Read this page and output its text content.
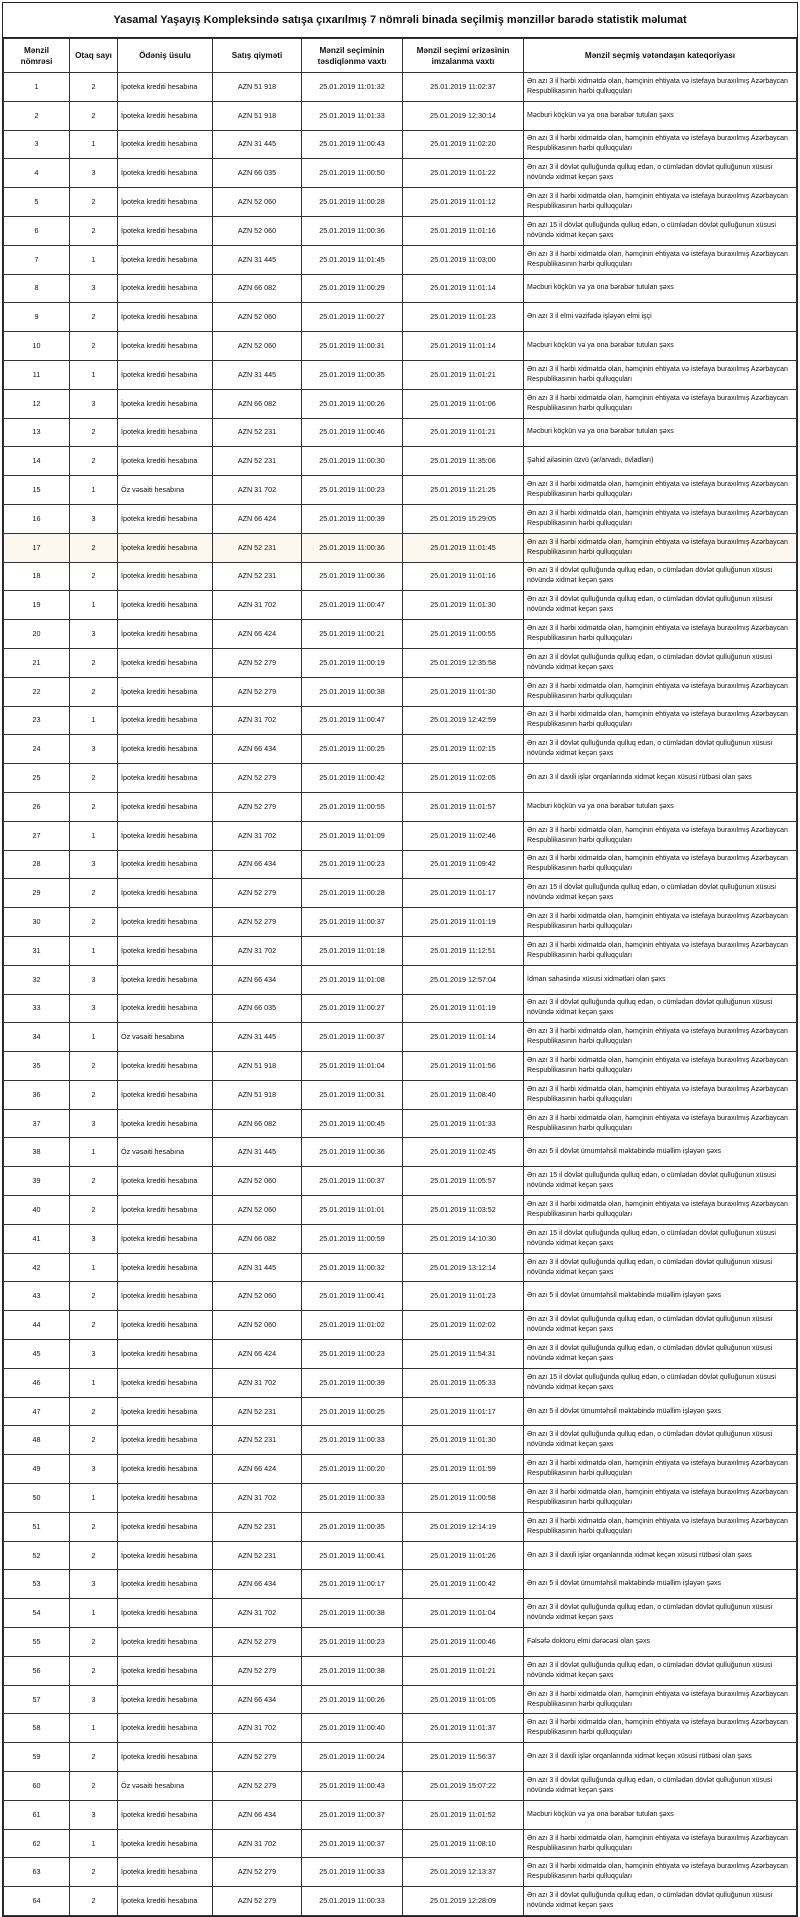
Yasamal Yaşayış Kompleksində satışa çıxarılmış 7 nömrəli binada seçilmiş mənzillər barədə statistik məlumat
Mənzil nömrəsi	Otaq sayı	Ödəniş üsulu	Satış qiyməti	Mənzil seçiminin təsdiqlənmə vaxtı	Mənzil seçimi ərizəsinin imzalanma vaxtı	Mənzil seçmiş vətəndaşın kateqoriyası
1	2	İpoteka krediti hesabına	AZN 51 918	25.01.2019 11:01:32	25.01.2019 11:02:37	Ən azı 3 il hərbi xidmətdə olan, həmçinin ehtiyata və istefaya buraxılmış Azərbaycan Respublikasının hərbi qulluqçuları
2	2	İpoteka krediti hesabına	AZN 51 918	25.01.2019 11:01:33	25.01.2019 12:30:14	Məcburi köçkün və ya ona bərabər tutulan şəxs
3	1	İpoteka krediti hesabına	AZN 31 445	25.01.2019 11:00:43	25.01.2019 11:02:20	Ən azı 3 il hərbi xidmətdə olan, həmçinin ehtiyata və istefaya buraxılmış Azərbaycan Respublikasının hərbi qulluqçuları
4	3	İpoteka krediti hesabına	AZN 66 035	25.01.2019 11:00:50	25.01.2019 11:01:22	Ən azı 3 il dövlət qulluğunda qulluq edən, o cümlədən dövlət qulluğunun xüsusi növündə xidmət keçən şəxs
5	2	İpoteka krediti hesabına	AZN 52 060	25.01.2019 11:00:28	25.01.2019 11:01:12	Ən azı 3 il hərbi xidmətdə olan, həmçinin ehtiyata və istefaya buraxılmış Azərbaycan Respublikasının hərbi qulluqçuları
6	2	İpoteka krediti hesabına	AZN 52 060	25.01.2019 11:00:36	25.01.2019 11:01:16	Ən azı 15 il dövlət qulluğunda qulluq edən, o cümlədən dövlət qulluğunun xüsusi növündə xidmət keçən şəxs
7	1	İpoteka krediti hesabına	AZN 31 445	25.01.2019 11:01:45	25.01.2019 11:03:00	Ən azı 3 il hərbi xidmətdə olan, həmçinin ehtiyata və istefaya buraxılmış Azərbaycan Respublikasının hərbi qulluqçuları
8	3	İpoteka krediti hesabına	AZN 66 082	25.01.2019 11:00:29	25.01.2019 11:01:14	Məcburi köçkün və ya ona bərabər tutulan şəxs
9	2	İpoteka krediti hesabına	AZN 52 060	25.01.2019 11:00:27	25.01.2019 11:01:23	Ən azı 3 il elmi vəzifədə işləyən elmi işçi
10	2	İpoteka krediti hesabına	AZN 52 060	25.01.2019 11:00:31	25.01.2019 11:01:14	Məcburi köçkün və ya ona bərabər tutulan şəxs
11	1	İpoteka krediti hesabına	AZN 31 445	25.01.2019 11:00:35	25.01.2019 11:01:21	Ən azı 3 il hərbi xidmətdə olan, həmçinin ehtiyata və istefaya buraxılmış Azərbaycan Respublikasının hərbi qulluqçuları
12	3	İpoteka krediti hesabına	AZN 66 082	25.01.2019 11:00:26	25.01.2019 11:01:06	Ən azı 3 il hərbi xidmətdə olan, həmçinin ehtiyata və istefaya buraxılmış Azərbaycan Respublikasının hərbi qulluqçuları
13	2	İpoteka krediti hesabına	AZN 52 231	25.01.2019 11:00:46	25.01.2019 11:01:21	Məcburi köçkün və ya ona bərabər tutulan şəxs
14	2	İpoteka krediti hesabına	AZN 52 231	25.01.2019 11:00:30	25.01.2019 11:35:06	Şəhid ailəsinin üzvü (ər/arvadı, övladları)
15	1	Öz vəsaiti hesabına	AZN 31 702	25.01.2019 11:00:23	25.01.2019 11:21:25	Ən azı 3 il hərbi xidmətdə olan, həmçinin ehtiyata və istefaya buraxılmış Azərbaycan Respublikasının hərbi qulluqçuları
16	3	İpoteka krediti hesabına	AZN 66 424	25.01.2019 11:00:39	25.01.2019 15:29:05	Ən azı 3 il hərbi xidmətdə olan, həmçinin ehtiyata və istefaya buraxılmış Azərbaycan Respublikasının hərbi qulluqçuları
17	2	İpoteka krediti hesabına	AZN 52 231	25.01.2019 11:00:36	25.01.2019 11:01:45	Ən azı 3 il hərbi xidmətdə olan, həmçinin ehtiyata və istefaya buraxılmış Azərbaycan Respublikasının hərbi qulluqçuları
18	2	İpoteka krediti hesabına	AZN 52 231	25.01.2019 11:00:36	25.01.2019 11:01:16	Ən azı 3 il dövlət qulluğunda qulluq edən, o cümlədən dövlət qulluğunun xüsusi növündə xidmət keçən şəxs
19	1	İpoteka krediti hesabına	AZN 31 702	25.01.2019 11:00:47	25.01.2019 11:01:30	Ən azı 3 il dövlət qulluğunda qulluq edən, o cümlədən dövlət qulluğunun xüsusi növündə xidmət keçən şəxs
20	3	İpoteka krediti hesabına	AZN 66 424	25.01.2019 11:00:21	25.01.2019 11:00:55	Ən azı 3 il hərbi xidmətdə olan, həmçinin ehtiyata və istefaya buraxılmış Azərbaycan Respublikasının hərbi qulluqçuları
21	2	İpoteka krediti hesabına	AZN 52 279	25.01.2019 11:00:19	25.01.2019 12:35:58	Ən azı 3 il dövlət qulluğunda qulluq edən, o cümlədən dövlət qulluğunun xüsusi növündə xidmət keçən şəxs
22	2	İpoteka krediti hesabına	AZN 52 279	25.01.2019 11:00:38	25.01.2019 11:01:30	Ən azı 3 il hərbi xidmətdə olan, həmçinin ehtiyata və istefaya buraxılmış Azərbaycan Respublikasının hərbi qulluqçuları
23	1	İpoteka krediti hesabına	AZN 31 702	25.01.2019 11:00:47	25.01.2019 12:42:59	Ən azı 3 il hərbi xidmətdə olan, həmçinin ehtiyata və istefaya buraxılmış Azərbaycan Respublikasının hərbi qulluqçuları
24	3	İpoteka krediti hesabına	AZN 66 434	25.01.2019 11:00:25	25.01.2019 11:02:15	Ən azı 3 il dövlət qulluğunda qulluq edən, o cümlədən dövlət qulluğunun xüsusi növündə xidmət keçən şəxs
25	2	İpoteka krediti hesabına	AZN 52 279	25.01.2019 11:00:42	25.01.2019 11:02:05	Ən azı 3 il daxili işlər orqanlarında xidmət keçən xüsusi rütbəsi olan şəxs
26	2	İpoteka krediti hesabına	AZN 52 279	25.01.2019 11:00:55	25.01.2019 11:01:57	Məcburi köçkün və ya ona bərabər tutulan şəxs
27	1	İpoteka krediti hesabına	AZN 31 702	25.01.2019 11:01:09	25.01.2019 11:02:46	Ən azı 3 il hərbi xidmətdə olan, həmçinin ehtiyata və istefaya buraxılmış Azərbaycan Respublikasının hərbi qulluqçuları
28	3	İpoteka krediti hesabına	AZN 66 434	25.01.2019 11:00:23	25.01.2019 11:09:42	Ən azı 3 il hərbi xidmətdə olan, həmçinin ehtiyata və istefaya buraxılmış Azərbaycan Respublikasının hərbi qulluqçuları
29	2	İpoteka krediti hesabına	AZN 52 279	25.01.2019 11:00:28	25.01.2019 11:01:17	Ən azı 15 il dövlət qulluğunda qulluq edən, o cümlədən dövlət qulluğunun xüsusi növündə xidmət keçən şəxs
30	2	İpoteka krediti hesabına	AZN 52 279	25.01.2019 11:00:37	25.01.2019 11:01:19	Ən azı 3 il hərbi xidmətdə olan, həmçinin ehtiyata və istefaya buraxılmış Azərbaycan Respublikasının hərbi qulluqçuları
31	1	İpoteka krediti hesabına	AZN 31 702	25.01.2019 11:01:18	25.01.2019 11:12:51	Ən azı 3 il hərbi xidmətdə olan, həmçinin ehtiyata və istefaya buraxılmış Azərbaycan Respublikasının hərbi qulluqçuları
32	3	İpoteka krediti hesabına	AZN 66 434	25.01.2019 11:01:08	25.01.2019 12:57:04	İdman sahəsində xüsusi xidmətləri olan şəxs
33	3	İpoteka krediti hesabına	AZN 66 035	25.01.2019 11:00:27	25.01.2019 11:01:19	Ən azı 3 il dövlət qulluğunda qulluq edən, o cümlədən dövlət qulluğunun xüsusi növündə xidmət keçən şəxs
34	1	Öz vəsaiti hesabına	AZN 31 445	25.01.2019 11:00:37	25.01.2019 11:01:14	Ən azı 3 il hərbi xidmətdə olan, həmçinin ehtiyata və istefaya buraxılmış Azərbaycan Respublikasının hərbi qulluqçuları
35	2	İpoteka krediti hesabına	AZN 51 918	25.01.2019 11:01:04	25.01.2019 11:01:56	Ən azı 3 il hərbi xidmətdə olan, həmçinin ehtiyata və istefaya buraxılmış Azərbaycan Respublikasının hərbi qulluqçuları
36	2	İpoteka krediti hesabına	AZN 51 918	25.01.2019 11:00:31	25.01.2019 11:08:40	Ən azı 3 il hərbi xidmətdə olan, həmçinin ehtiyata və istefaya buraxılmış Azərbaycan Respublikasının hərbi qulluqçuları
37	3	İpoteka krediti hesabına	AZN 66 082	25.01.2019 11:00:45	25.01.2019 11:01:33	Ən azı 3 il hərbi xidmətdə olan, həmçinin ehtiyata və istefaya buraxılmış Azərbaycan Respublikasının hərbi qulluqçuları
38	1	Öz vəsaiti hesabına	AZN 31 445	25.01.2019 11:00:36	25.01.2019 11:02:45	Ən azı 5 il dövlət ümumtəhsil məktəbində müəllim işləyən şəxs
39	2	İpoteka krediti hesabına	AZN 52 060	25.01.2019 11:00:37	25.01.2019 11:05:57	Ən azı 15 il dövlət qulluğunda qulluq edən, o cümlədən dövlət qulluğunun xüsusi növündə xidmət keçən şəxs
40	2	İpoteka krediti hesabına	AZN 52 060	25.01.2019 11:01:01	25.01.2019 11:03:52	Ən azı 3 il hərbi xidmətdə olan, həmçinin ehtiyata və istefaya buraxılmış Azərbaycan Respublikasının hərbi qulluqçuları
41	3	İpoteka krediti hesabına	AZN 66 082	25.01.2019 11:00:59	25.01.2019 14:10:30	Ən azı 15 il dövlət qulluğunda qulluq edən, o cümlədən dövlət qulluğunun xüsusi növündə xidmət keçən şəxs
42	1	İpoteka krediti hesabına	AZN 31 445	25.01.2019 11:00:32	25.01.2019 13:12:14	Ən azı 3 il dövlət qulluğunda qulluq edən, o cümlədən dövlət qulluğunun xüsusi növündə xidmət keçən şəxs
43	2	İpoteka krediti hesabına	AZN 52 060	25.01.2019 11:00:41	25.01.2019 11:01:23	Ən azı 5 il dövlət ümumtəhsil məktəbində müəllim işləyən şəxs
44	2	İpoteka krediti hesabına	AZN 52 060	25.01.2019 11:01:02	25.01.2019 11:02:02	Ən azı 3 il dövlət qulluğunda qulluq edən, o cümlədən dövlət qulluğunun xüsusi növündə xidmət keçən şəxs
45	3	İpoteka krediti hesabına	AZN 66 424	25.01.2019 11:00:23	25.01.2019 11:54:31	Ən azı 3 il dövlət qulluğunda qulluq edən, o cümlədən dövlət qulluğunun xüsusi növündə xidmət keçən şəxs
46	1	İpoteka krediti hesabına	AZN 31 702	25.01.2019 11:00:39	25.01.2019 11:05:33	Ən azı 15 il dövlət qulluğunda qulluq edən, o cümlədən dövlət qulluğunun xüsusi növündə xidmət keçən şəxs
47	2	İpoteka krediti hesabına	AZN 52 231	25.01.2019 11:00:25	25.01.2019 11:01:17	Ən azı 5 il dövlət ümumtəhsil məktəbində müəllim işləyən şəxs
48	2	İpoteka krediti hesabına	AZN 52 231	25.01.2019 11:00:33	25.01.2019 11:01:30	Ən azı 3 il dövlət qulluğunda qulluq edən, o cümlədən dövlət qulluğunun xüsusi növündə xidmət keçən şəxs
49	3	İpoteka krediti hesabına	AZN 66 424	25.01.2019 11:00:20	25.01.2019 11:01:59	Ən azı 3 il hərbi xidmətdə olan, həmçinin ehtiyata və istefaya buraxılmış Azərbaycan Respublikasının hərbi qulluqçuları
50	1	İpoteka krediti hesabına	AZN 31 702	25.01.2019 11:00:33	25.01.2019 11:00:58	Ən azı 3 il hərbi xidmətdə olan, həmçinin ehtiyata və istefaya buraxılmış Azərbaycan Respublikasının hərbi qulluqçuları
51	2	İpoteka krediti hesabına	AZN 52 231	25.01.2019 11:00:35	25.01.2019 12:14:19	Ən azı 3 il hərbi xidmətdə olan, həmçinin ehtiyata və istefaya buraxılmış Azərbaycan Respublikasının hərbi qulluqçuları
52	2	İpoteka krediti hesabına	AZN 52 231	25.01.2019 11:00:41	25.01.2019 11:01:26	Ən azı 3 il daxili işlər orqanlarında xidmət keçən xüsusi rütbəsi olan şəxs
53	3	İpoteka krediti hesabına	AZN 66 434	25.01.2019 11:00:17	25.01.2019 11:00:42	Ən azı 5 il dövlət ümumtəhsil məktəbində müəllim işləyən şəxs
54	1	İpoteka krediti hesabına	AZN 31 702	25.01.2019 11:00:38	25.01.2019 11:01:04	Ən azı 3 il dövlət qulluğunda qulluq edən, o cümlədən dövlət qulluğunun xüsusi növündə xidmət keçən şəxs
55	2	İpoteka krediti hesabına	AZN 52 279	25.01.2019 11:00:23	25.01.2019 11:00:46	Fəlsəfə doktoru elmi dərəcəsi olan şəxs
56	2	İpoteka krediti hesabına	AZN 52 279	25.01.2019 11:00:38	25.01.2019 11:01:21	Ən azı 3 il dövlət qulluğunda qulluq edən, o cümlədən dövlət qulluğunun xüsusi növündə xidmət keçən şəxs
57	3	İpoteka krediti hesabına	AZN 66 434	25.01.2019 11:00:26	25.01.2019 11:01:05	Ən azı 3 il hərbi xidmətdə olan, həmçinin ehtiyata və istefaya buraxılmış Azərbaycan Respublikasının hərbi qulluqçuları
58	1	İpoteka krediti hesabına	AZN 31 702	25.01.2019 11:00:40	25.01.2019 11:01:37	Ən azı 3 il hərbi xidmətdə olan, həmçinin ehtiyata və istefaya buraxılmış Azərbaycan Respublikasının hərbi qulluqçuları
59	2	İpoteka krediti hesabına	AZN 52 279	25.01.2019 11:00:24	25.01.2019 11:56:37	Ən azı 3 il daxili işlər orqanlarında xidmət keçən xüsusi rütbəsi olan şəxs
60	2	Öz vəsaiti hesabına	AZN 52 279	25.01.2019 11:00:43	25.01.2019 15:07:22	Ən azı 3 il dövlət qulluğunda qulluq edən, o cümlədən dövlət qulluğunun xüsusi növündə xidmət keçən şəxs
61	3	İpoteka krediti hesabına	AZN 66 434	25.01.2019 11:00:37	25.01.2019 11:01:52	Məcburi köçkün və ya ona bərabər tutulan şəxs
62	1	İpoteka krediti hesabına	AZN 31 702	25.01.2019 11:00:37	25.01.2019 11:08:10	Ən azı 3 il hərbi xidmətdə olan, həmçinin ehtiyata və istefaya buraxılmış Azərbaycan Respublikasının hərbi qulluqçuları
63	2	İpoteka krediti hesabına	AZN 52 279	25.01.2019 11:00:33	25.01.2019 12:13:37	Ən azı 3 il hərbi xidmətdə olan, həmçinin ehtiyata və istefaya buraxılmış Azərbaycan Respublikasının hərbi qulluqçuları
64	2	İpoteka krediti hesabına	AZN 52 279	25.01.2019 11:00:33	25.01.2019 12:28:09	Ən azı 3 il dövlət qulluğunda qulluq edən, o cümlədən dövlət qulluğunun xüsusi növündə xidmət keçən şəxs
